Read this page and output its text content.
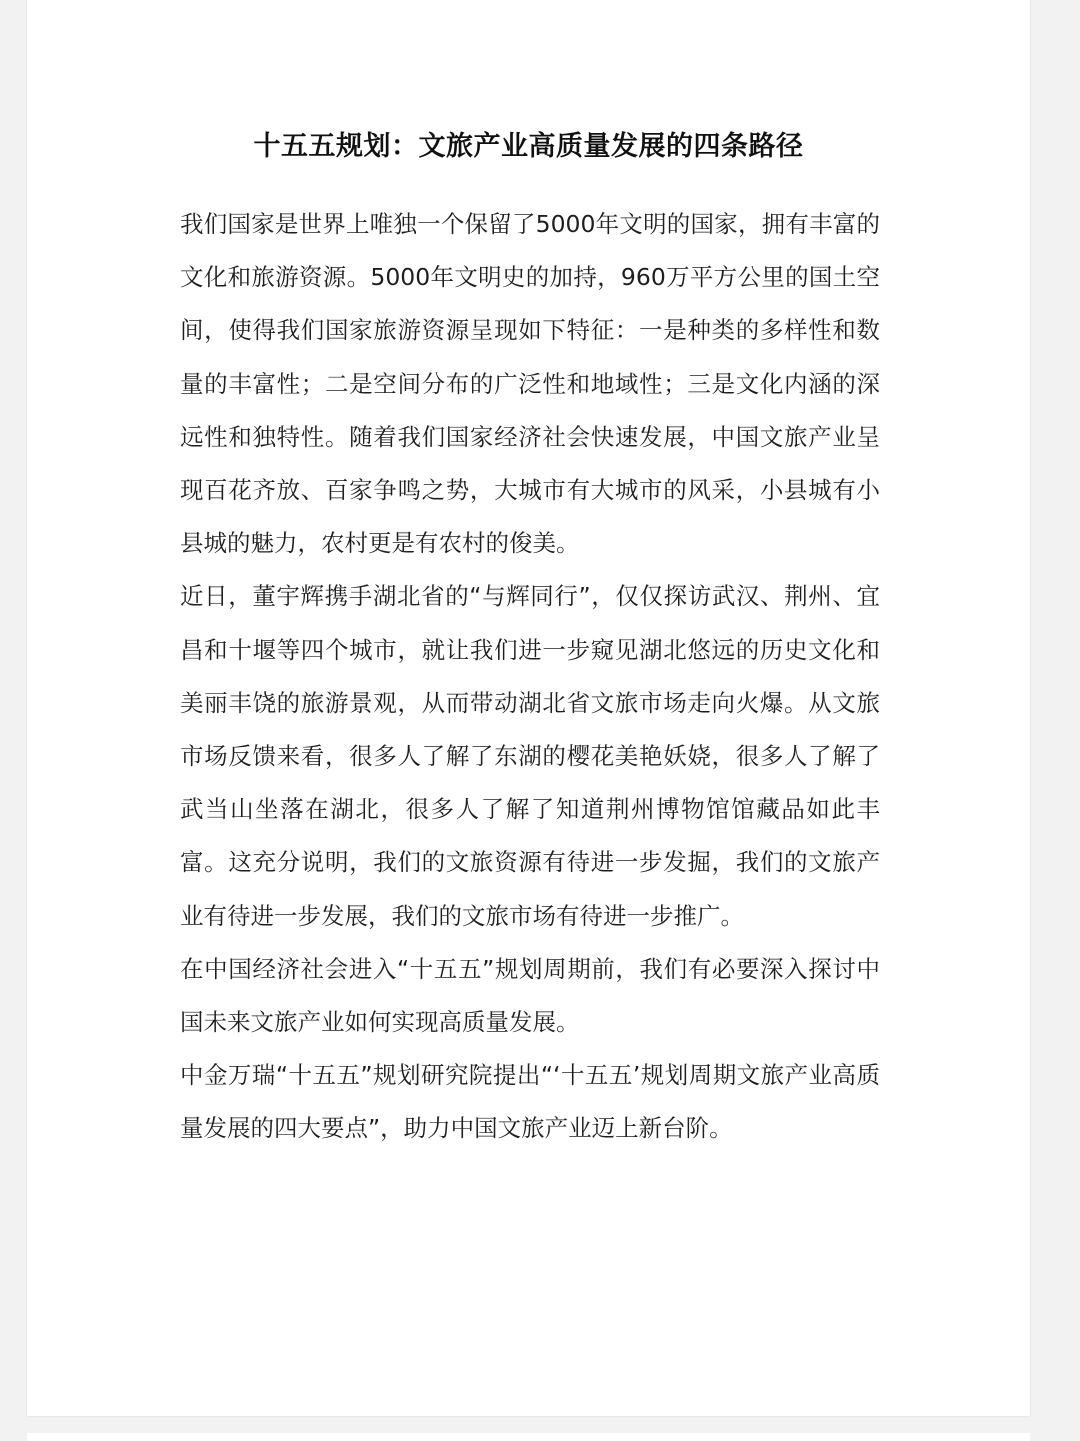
十五五规划：文旅产业高质量发展的四条路径

我们国家是世界上唯独一个保留了5000年文明的国家，拥有丰富的文化和旅游资源。5000年文明史的加持，960万平方公里的国土空间，使得我们国家旅游资源呈现如下特征：一是种类的多样性和数量的丰富性；二是空间分布的广泛性和地域性；三是文化内涵的深远性和独特性。随着我们国家经济社会快速发展，中国文旅产业呈现百花齐放、百家争鸣之势，大城市有大城市的风采，小县城有小县城的魅力，农村更是有农村的俊美。

近日，董宇辉携手湖北省的“与辉同行”，仅仅探访武汉、荆州、宜昌和十堰等四个城市，就让我们进一步窥见湖北悠远的历史文化和美丽丰饶的旅游景观，从而带动湖北省文旅市场走向火爆。从文旅市场反馈来看，很多人了解了东湖的樱花美艳妖娆，很多人了解了武当山坐落在湖北，很多人了解了知道荆州博物馆馆藏品如此丰富。这充分说明，我们的文旅资源有待进一步发掘，我们的文旅产业有待进一步发展，我们的文旅市场有待进一步推广。

在中国经济社会进入“十五五”规划周期前，我们有必要深入探讨中国未来文旅产业如何实现高质量发展。

中金万瑞“十五五”规划研究院提出“‘十五五’规划周期文旅产业高质量发展的四大要点”，助力中国文旅产业迈上新台阶。
